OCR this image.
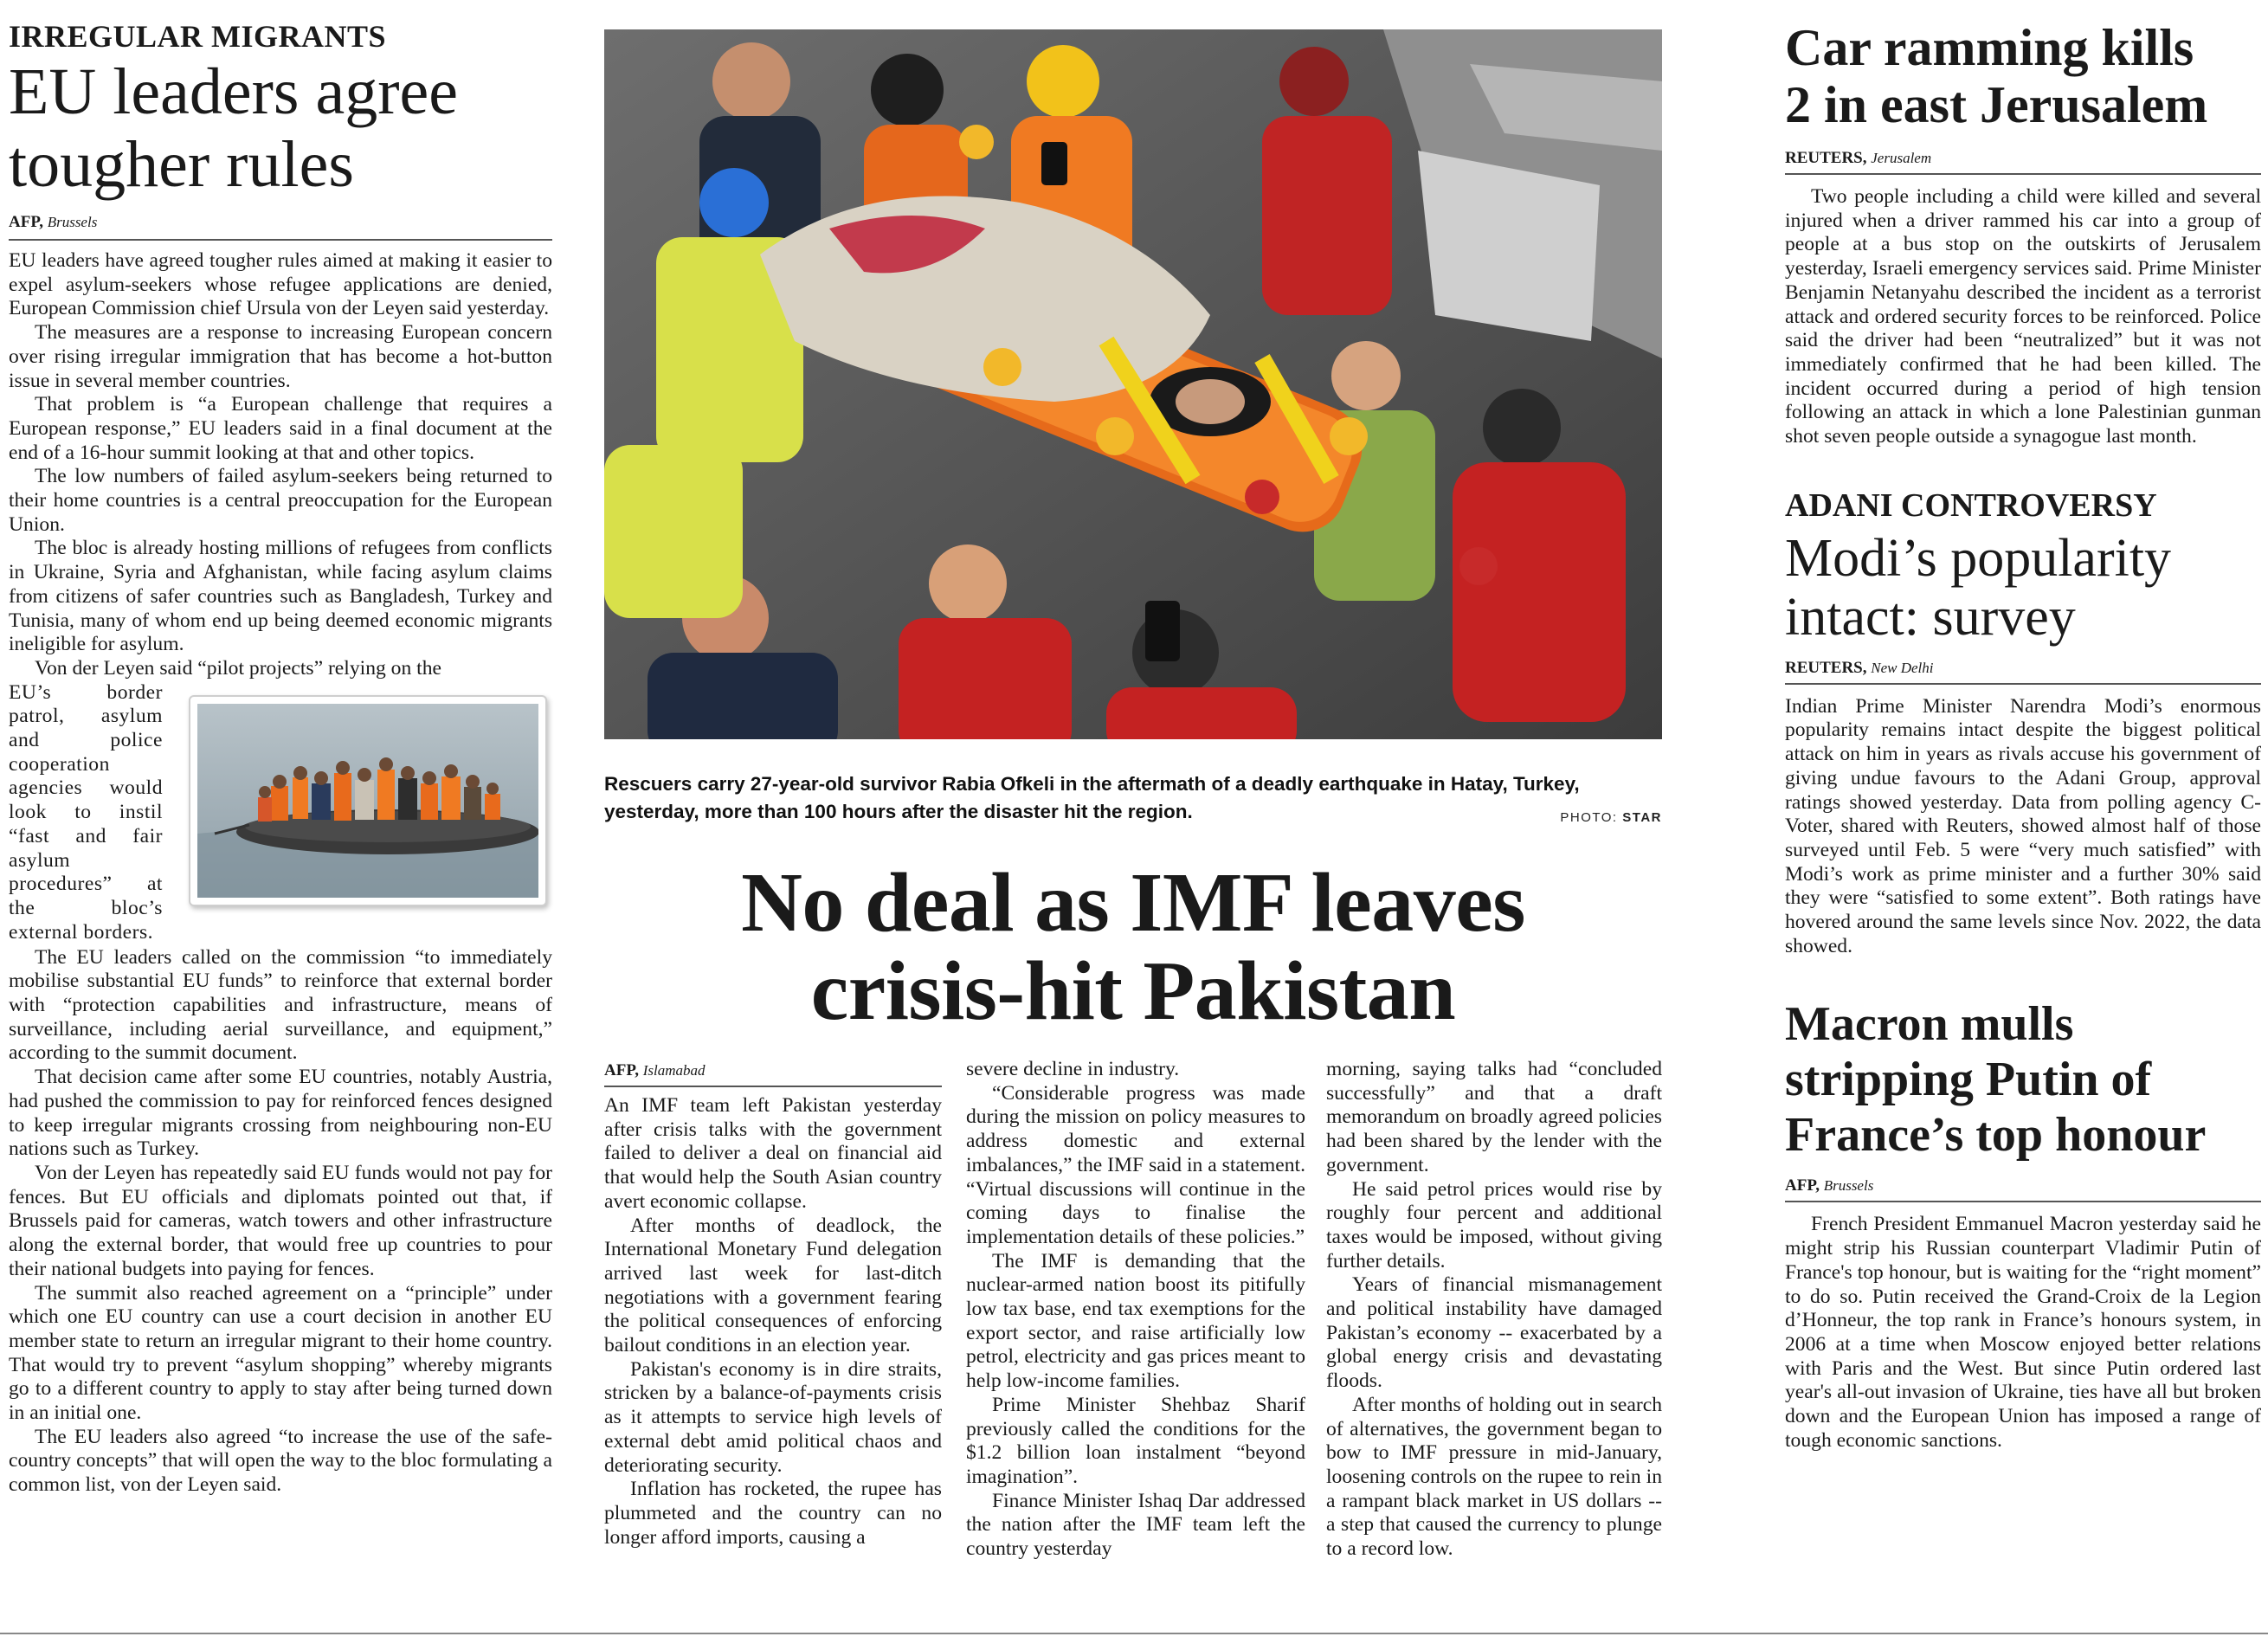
IRREGULAR MIGRANTS
EU leaders agree
tougher rules
AFP, Brussels

EU leaders have agreed tougher rules aimed at making it easier to expel asylum-seekers whose refugee applications are denied, European Commission chief Ursula von der Leyen said yesterday.

The measures are a response to increasing European concern over rising irregular immigration that has become a hot-button issue in several member countries.

That problem is “a European challenge that requires a European response,” EU leaders said in a final document at the end of a 16-hour summit looking at that and other topics.

The low numbers of failed asylum-seekers being returned to their home countries is a central preoccupation for the European Union.

The bloc is already hosting millions of refugees from conflicts in Ukraine, Syria and Afghanistan, while facing asylum claims from citizens of safer countries such as Bangladesh, Turkey and Tunisia, many of whom end up being deemed economic migrants ineligible for asylum.

Von der Leyen said “pilot projects” relying on the

EU’s border patrol, asylum and police cooperation agencies would look to instil “fast and fair asylum procedures” at the bloc’s external borders.

The EU leaders called on the commission “to immediately mobilise substantial EU funds” to reinforce that external border with “protection capabilities and infrastructure, means of surveillance, including aerial surveillance, and equipment,” according to the summit document.

That decision came after some EU countries, notably Austria, had pushed the commission to pay for reinforced fences designed to keep irregular migrants crossing from neighbouring non-EU nations such as Turkey.

Von der Leyen has repeatedly said EU funds would not pay for fences. But EU officials and diplomats pointed out that, if Brussels paid for cameras, watch towers and other infrastructure along the external border, that would free up countries to pour their national budgets into paying for fences.

The summit also reached agreement on a “principle” under which one EU country can use a court decision in another EU member state to return an irregular migrant to their home country. That would try to prevent “asylum shopping” whereby migrants go to a different country to apply to stay after being turned down in an initial one.

The EU leaders also agreed “to increase the use of the safe-country concepts” that will open the way to the bloc formulating a common list, von der Leyen said.

Rescuers carry 27-year-old survivor Rabia Ofkeli in the aftermath of a deadly earthquake in Hatay, Turkey, yesterday, more than 100 hours after the disaster hit the region.	PHOTO: STAR
No deal as IMF leaves
crisis-hit Pakistan
AFP, Islamabad

An IMF team left Pakistan yesterday after crisis talks with the government failed to deliver a deal on financial aid that would help the South Asian country avert economic collapse.

After months of deadlock, the International Monetary Fund delegation arrived last week for last-ditch negotiations with a government fearing the political consequences of enforcing bailout conditions in an election year.

Pakistan's economy is in dire straits, stricken by a balance-of-payments crisis as it attempts to service high levels of external debt amid political chaos and deteriorating security.

Inflation has rocketed, the rupee has plummeted and the country can no longer afford imports, causing a

severe decline in industry.

“Considerable progress was made during the mission on policy measures to address domestic and external imbalances,” the IMF said in a statement. “Virtual discussions will continue in the coming days to finalise the implementation details of these policies.”

The IMF is demanding that the nuclear-armed nation boost its pitifully low tax base, end tax exemptions for the export sector, and raise artificially low petrol, electricity and gas prices meant to help low-income families.

Prime Minister Shehbaz Sharif previously called the conditions for the $1.2 billion loan instalment “beyond imagination”.

Finance Minister Ishaq Dar addressed the nation after the IMF team left the country yesterday

morning, saying talks had “concluded successfully” and that a draft memorandum on broadly agreed policies had been shared by the lender with the government.

He said petrol prices would rise by roughly four percent and additional taxes would be imposed, without giving further details.

Years of financial mismanagement and political instability have damaged Pakistan’s economy -- exacerbated by a global energy crisis and devastating floods.

After months of holding out in search of alternatives, the government began to bow to IMF pressure in mid-January, loosening controls on the rupee to rein in a rampant black market in US dollars -- a step that caused the currency to plunge to a record low.

Car ramming kills
2 in east Jerusalem
REUTERS, Jerusalem

Two people including a child were killed and several injured when a driver rammed his car into a group of people at a bus stop on the outskirts of Jerusalem yesterday, Israeli emergency services said. Prime Minister Benjamin Netanyahu described the incident as a terrorist attack and ordered security forces to be reinforced. Police said the driver had been “neutralized” but it was not immediately confirmed that he had been killed. The incident occurred during a period of high tension following an attack in which a lone Palestinian gunman shot seven people outside a synagogue last month.

ADANI CONTROVERSY
Modi’s popularity
intact: survey
REUTERS, New Delhi

Indian Prime Minister Narendra Modi’s enormous popularity remains intact despite the biggest political attack on him in years as rivals accuse his government of giving undue favours to the Adani Group, approval ratings showed yesterday. Data from polling agency C-Voter, shared with Reuters, showed almost half of those surveyed until Feb. 5 were “very much satisfied” with Modi’s work as prime minister and a further 30% said they were “satisfied to some extent”. Both ratings have hovered around the same levels since Nov. 2022, the data showed.

Macron mulls
stripping Putin of
France’s top honour
AFP, Brussels

French President Emmanuel Macron yesterday said he might strip his Russian counterpart Vladimir Putin of France's top honour, but is waiting for the “right moment” to do so. Putin received the Grand-Croix de la Legion d’Honneur, the top rank in France’s honours system, in 2006 at a time when Moscow enjoyed better relations with Paris and the West. But since Putin ordered last year's all-out invasion of Ukraine, ties have all but broken down and the European Union has imposed a range of tough economic sanctions.
